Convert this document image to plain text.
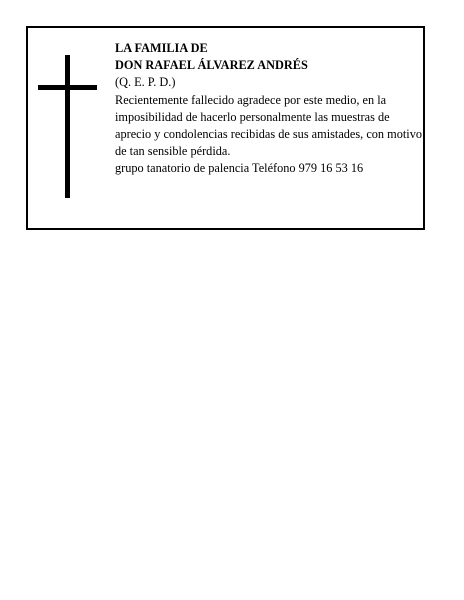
LA FAMILIA DE
DON RAFAEL ÁLVAREZ ANDRÉS
(Q. E. P. D.)
Recientemente fallecido agradece por este medio, en la imposibilidad de hacerlo personalmente las muestras de aprecio y condolencias recibidas de sus amistades, con motivo de tan sensible pérdida.
grupo tanatorio de palencia Teléfono 979 16 53 16
